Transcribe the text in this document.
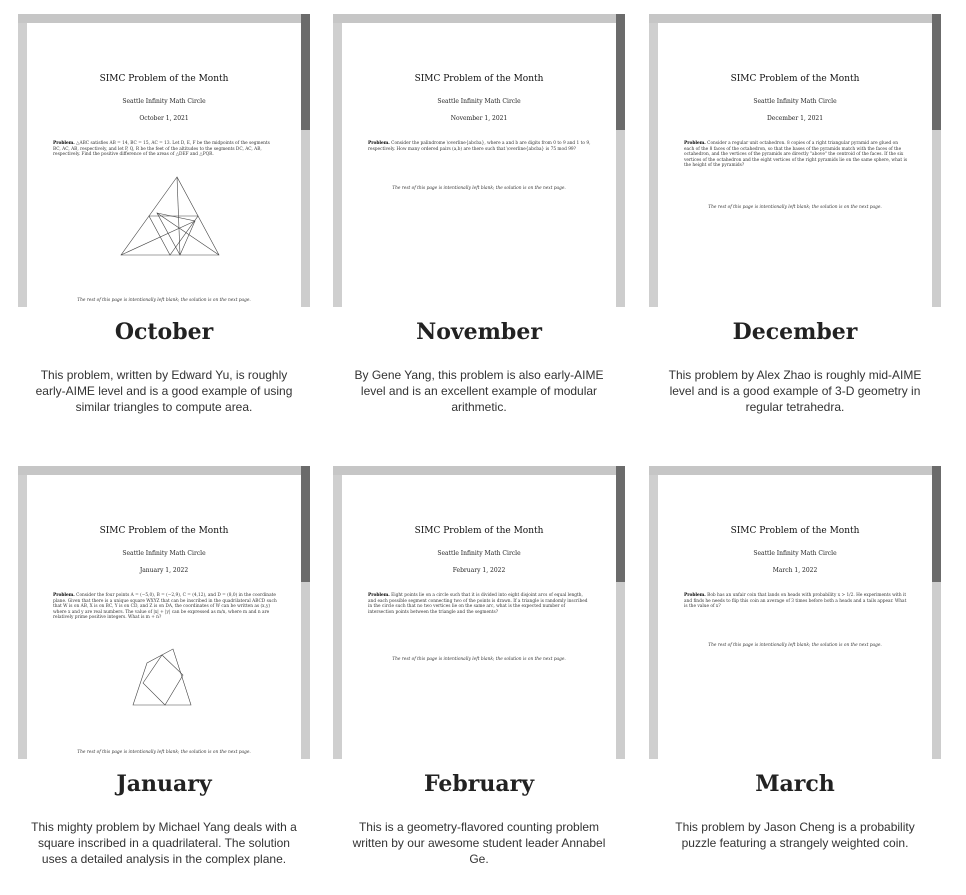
SIMC Problem of the Month
Seattle Infinity Math Circle
October 1, 2021
Problem. △ABC satisfies AB = 14, BC = 15, AC = 13. Let D, E, F be the midpoints of the segments BC, AC, AB, respectively, and let P, Q, R be the feet of the altitudes to the segments DC, AC, AB, respectively. Find the positive difference of the areas of △DEF and △PQR.
The rest of this page is intentionally left blank; the solution is on the next page.
October
This problem, written by Edward Yu, is roughly early-AIME level and is a good example of using similar triangles to compute area.
SIMC Problem of the Month
Seattle Infinity Math Circle
November 1, 2021
Problem. Consider the palindrome \overline{abcba}, where a and b are digits from 0 to 9 and 1 to 9, respectively. How many ordered pairs (a,b) are there such that \overline{abcba} is 75 mod 99?
The rest of this page is intentionally left blank; the solution is on the next page.
November
By Gene Yang, this problem is also early-AIME level and is an excellent example of modular arithmetic.
SIMC Problem of the Month
Seattle Infinity Math Circle
December 1, 2021
Problem. Consider a regular unit octahedron. 8 copies of a right triangular pyramid are glued on each of the 8 faces of the octahedron, so that the bases of the pyramids match with the faces of the octahedron, and the vertices of the pyramids are directly "above" the centroid of the faces. If the six vertices of the octahedron and the eight vertices of the right pyramids lie on the same sphere, what is the height of the pyramids?
The rest of this page is intentionally left blank; the solution is on the next page.
December
This problem by Alex Zhao is roughly mid-AIME level and is a good example of 3-D geometry in regular tetrahedra.
SIMC Problem of the Month
Seattle Infinity Math Circle
January 1, 2022
Problem. Consider the four points A = (−5,0), B = (−2,9), C = (4,12), and D = (8,0) in the coordinate plane. Given that there is a unique square WXYZ that can be inscribed in the quadrilateral ABCD such that W is on AB, X is on BC, Y is on CD, and Z is on DA, the coordinates of W can be written as (x,y) where x and y are real numbers. The value of |x| + |y| can be expressed as m/n, where m and n are relatively prime positive integers. What is m + n?
The rest of this page is intentionally left blank; the solution is on the next page.
January
This mighty problem by Michael Yang deals with a square inscribed in a quadrilateral. The solution uses a detailed analysis in the complex plane.
SIMC Problem of the Month
Seattle Infinity Math Circle
February 1, 2022
Problem. Eight points lie on a circle such that it is divided into eight disjoint arcs of equal length, and each possible segment connecting two of the points is drawn. If a triangle is randomly inscribed in the circle such that no two vertices lie on the same arc, what is the expected number of intersection points between the triangle and the segments?
The rest of this page is intentionally left blank; the solution is on the next page.
February
This is a geometry-flavored counting problem written by our awesome student leader Annabel Ge.
SIMC Problem of the Month
Seattle Infinity Math Circle
March 1, 2022
Problem. Bob has an unfair coin that lands on heads with probability x > 1/2. He experiments with it and finds he needs to flip this coin an average of 3 times before both a heads and a tails appear. What is the value of x?
The rest of this page is intentionally left blank; the solution is on the next page.
March
This problem by Jason Cheng is a probability puzzle featuring a strangely weighted coin.
